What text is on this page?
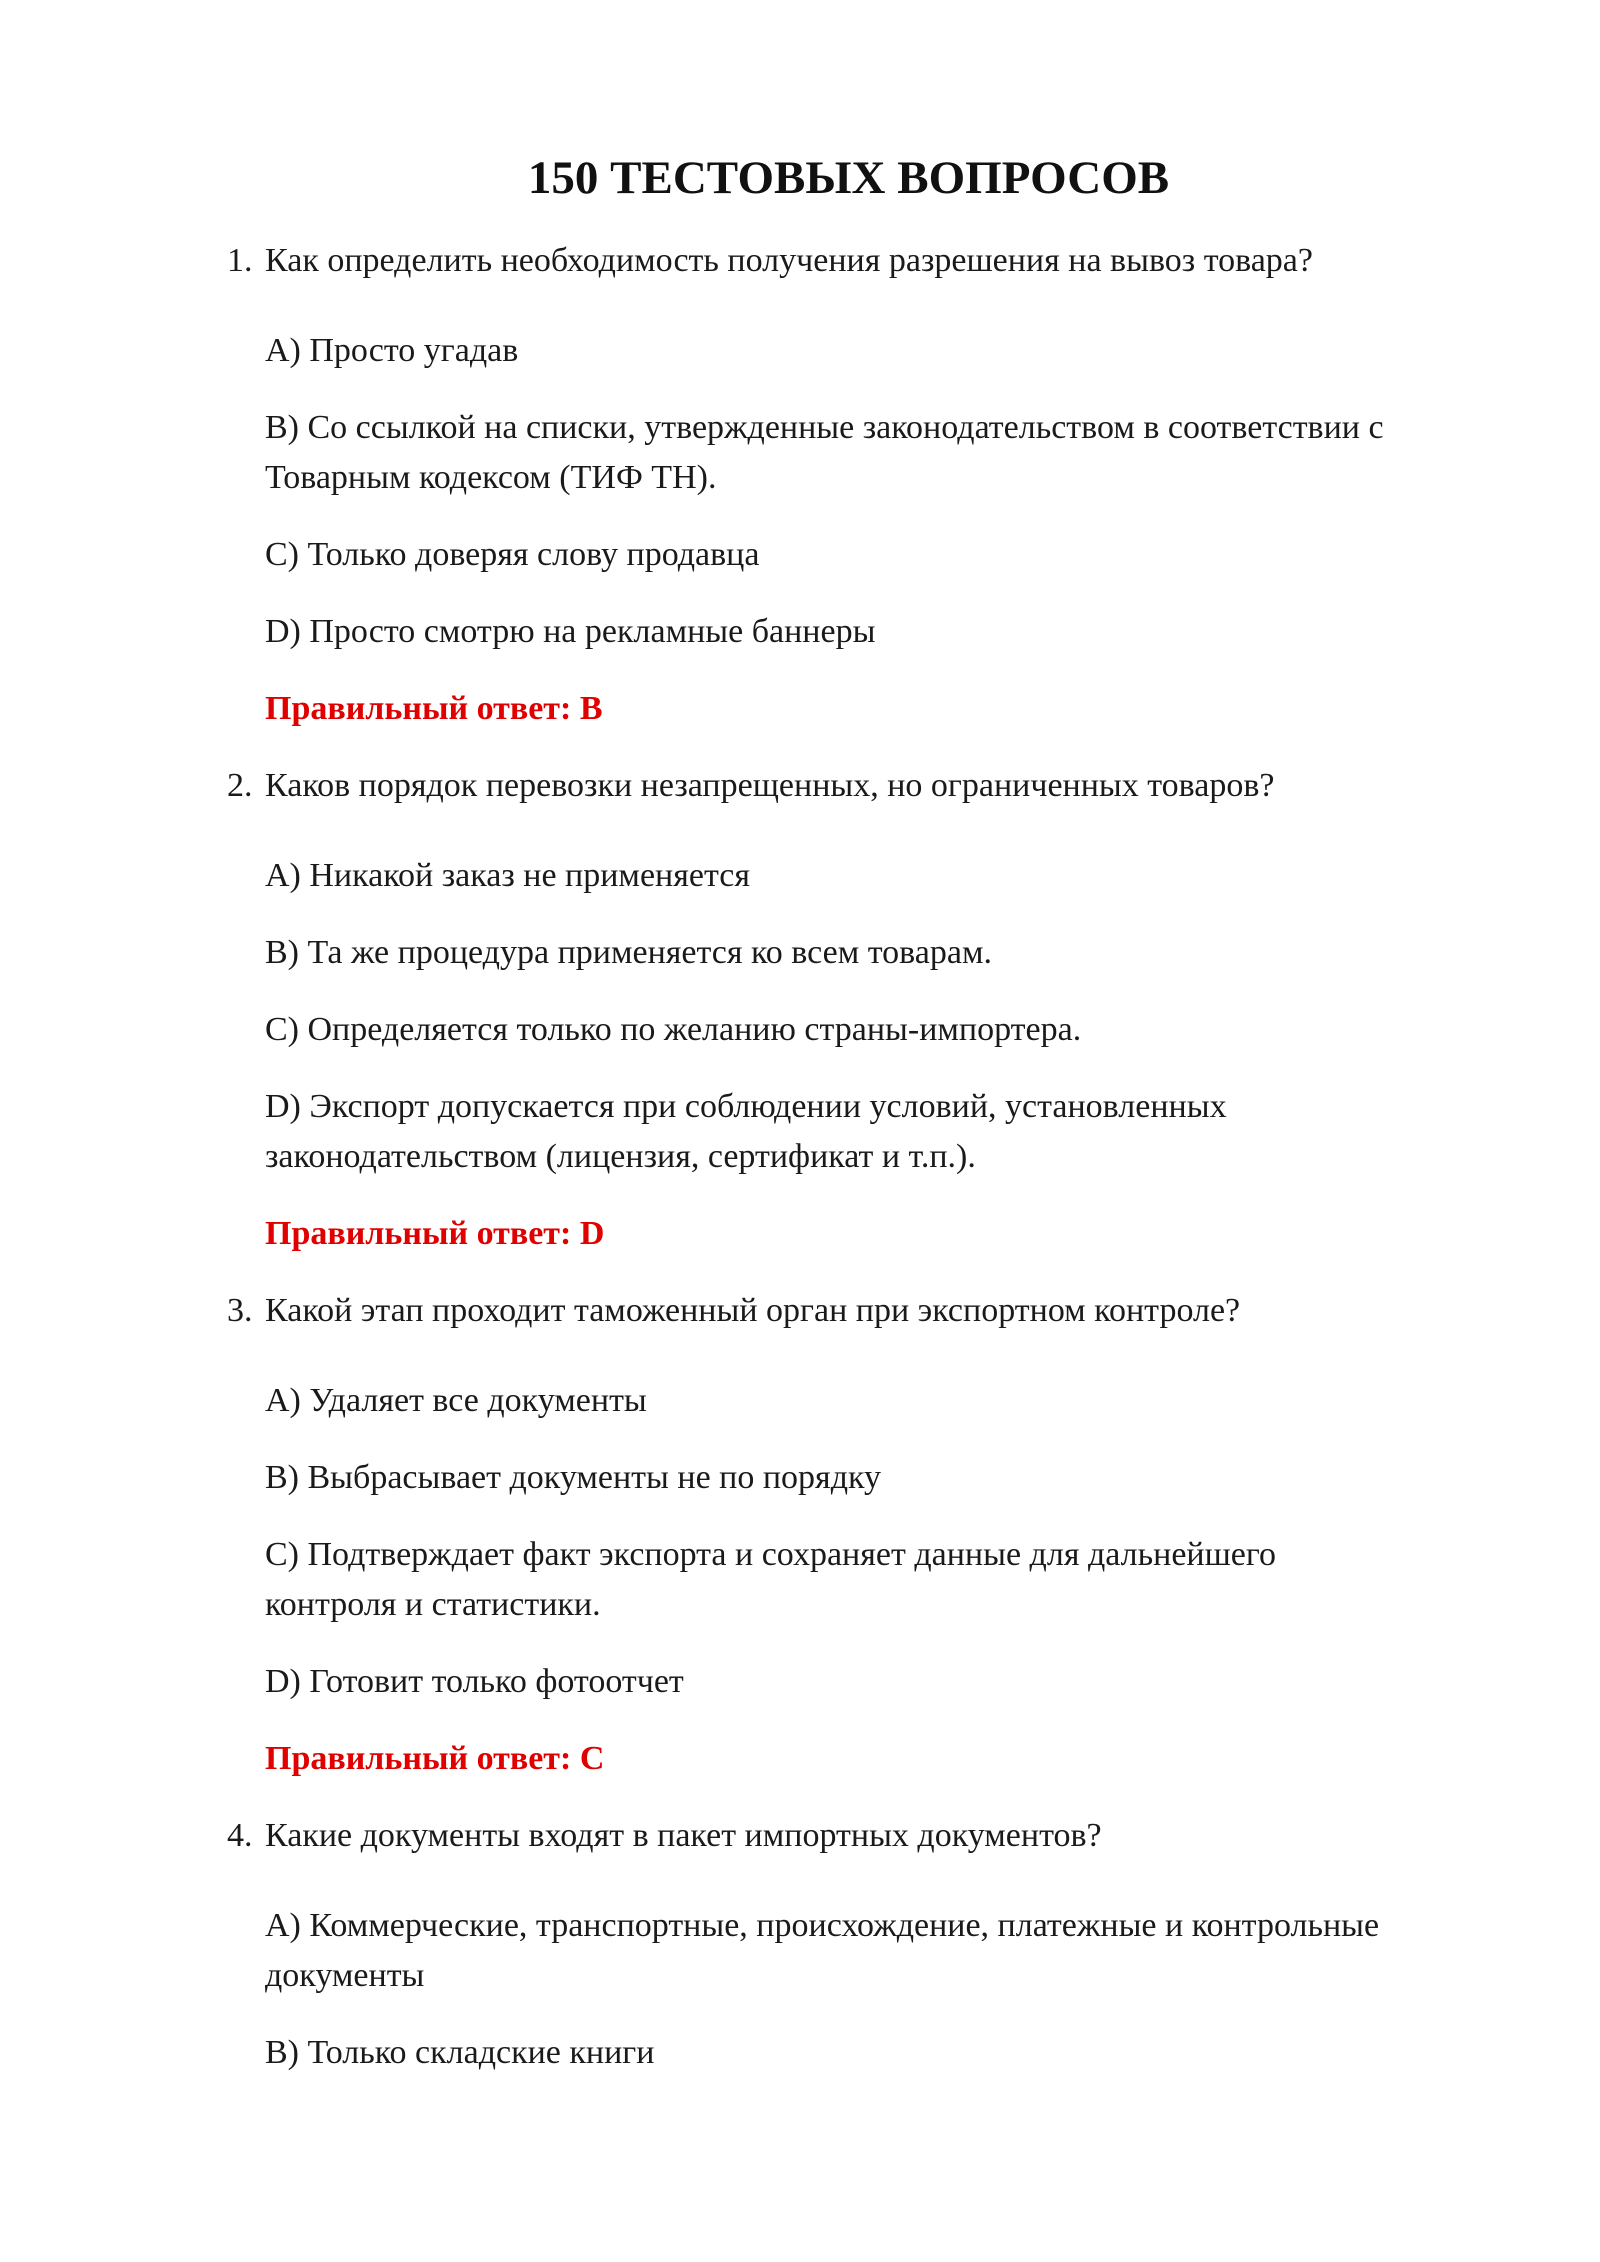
150 ТЕСТОВЫХ ВОПРОСОВ
1. Как определить необходимость получения разрешения на вывоз товара?
A) Просто угадав
B) Со ссылкой на списки, утвержденные законодательством в соответствии с Товарным кодексом (ТИФ ТН).
C) Только доверяя слову продавца
D) Просто смотрю на рекламные баннеры
Правильный ответ: B
2. Каков порядок перевозки незапрещенных, но ограниченных товаров?
A) Никакой заказ не применяется
B) Та же процедура применяется ко всем товарам.
C) Определяется только по желанию страны-импортера.
D) Экспорт допускается при соблюдении условий, установленных законодательством (лицензия, сертификат и т.п.).
Правильный ответ: D
3. Какой этап проходит таможенный орган при экспортном контроле?
A) Удаляет все документы
B) Выбрасывает документы не по порядку
C) Подтверждает факт экспорта и сохраняет данные для дальнейшего контроля и статистики.
D) Готовит только фотоотчет
Правильный ответ: C
4. Какие документы входят в пакет импортных документов?
A) Коммерческие, транспортные, происхождение, платежные и контрольные документы
B) Только складские книги
